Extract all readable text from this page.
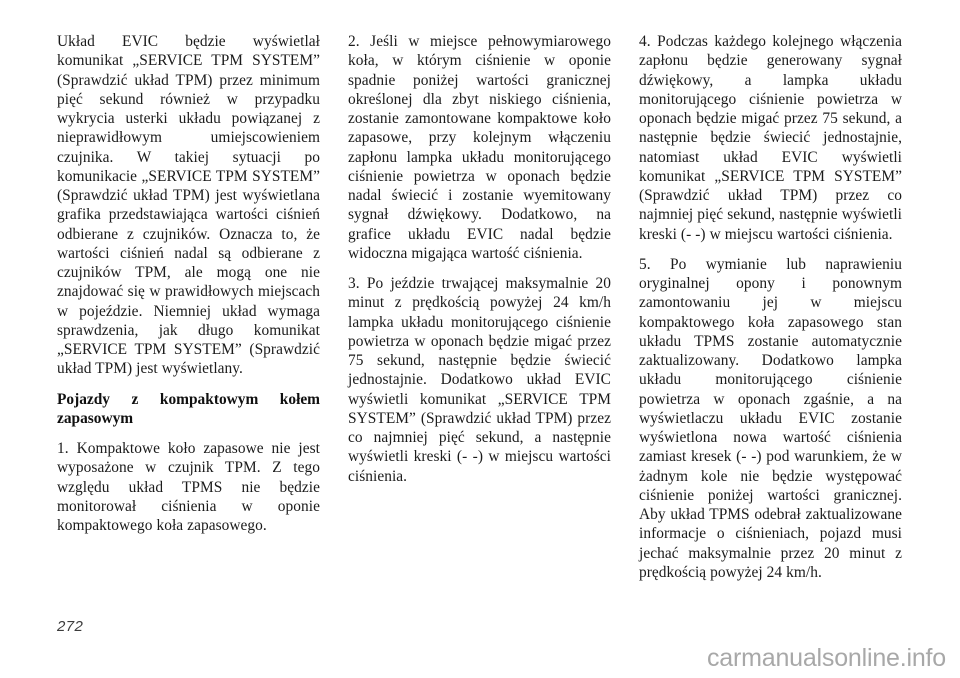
Układ EVIC będzie wyświetlał komunikat „SERVICE TPM SYSTEM” (Sprawdzić układ TPM) przez minimum pięć sekund również w przypadku wykrycia usterki układu powiązanej z nieprawidłowym umiejscowieniem czujnika. W takiej sytuacji po komunikacie „SERVICE TPM SYSTEM” (Sprawdzić układ TPM) jest wyświetlana grafika przedstawiająca wartości ciśnień odbierane z czujników. Oznacza to, że wartości ciśnień nadal są odbierane z czujników TPM, ale mogą one nie znajdować się w prawidłowych miejscach w pojeździe. Niemniej układ wymaga sprawdzenia, jak długo komunikat „SERVICE TPM SYSTEM” (Sprawdzić układ TPM) jest wyświetlany.

Pojazdy z kompaktowym kołem zapasowym

1. Kompaktowe koło zapasowe nie jest wyposażone w czujnik TPM. Z tego względu układ TPMS nie będzie monitorował ciśnienia w oponie kompaktowego koła zapasowego.

2. Jeśli w miejsce pełnowymiarowego koła, w którym ciśnienie w oponie spadnie poniżej wartości granicznej określonej dla zbyt niskiego ciśnienia, zostanie zamontowane kompaktowe koło zapasowe, przy kolejnym włączeniu zapłonu lampka układu monitorującego ciśnienie powietrza w oponach będzie nadal świecić i zostanie wyemitowany sygnał dźwiękowy. Dodatkowo, na grafice układu EVIC nadal będzie widoczna migająca wartość ciśnienia.

3. Po jeździe trwającej maksymalnie 20 minut z prędkością powyżej 24 km/h lampka układu monitorującego ciśnienie powietrza w oponach będzie migać przez 75 sekund, następnie będzie świecić jednostajnie. Dodatkowo układ EVIC wyświetli komunikat „SERVICE TPM SYSTEM” (Sprawdzić układ TPM) przez co najmniej pięć sekund, a następnie wyświetli kreski (- -) w miejscu wartości ciśnienia.

4. Podczas każdego kolejnego włączenia zapłonu będzie generowany sygnał dźwiękowy, a lampka układu monitorującego ciśnienie powietrza w oponach będzie migać przez 75 sekund, a następnie będzie świecić jednostajnie, natomiast układ EVIC wyświetli komunikat „SERVICE TPM SYSTEM” (Sprawdzić układ TPM) przez co najmniej pięć sekund, następnie wyświetli kreski (- -) w miejscu wartości ciśnienia.

5. Po wymianie lub naprawieniu oryginalnej opony i ponownym zamontowaniu jej w miejscu kompaktowego koła zapasowego stan układu TPMS zostanie automatycznie zaktualizowany. Dodatkowo lampka układu monitorującego ciśnienie powietrza w oponach zgaśnie, a na wyświetlaczu układu EVIC zostanie wyświetlona nowa wartość ciśnienia zamiast kresek (- -) pod warunkiem, że w żadnym kole nie będzie występować ciśnienie poniżej wartości granicznej. Aby układ TPMS odebrał zaktualizowane informacje o ciśnieniach, pojazd musi jechać maksymalnie przez 20 minut z prędkością powyżej 24 km/h.

272
carmanualsonline.info
